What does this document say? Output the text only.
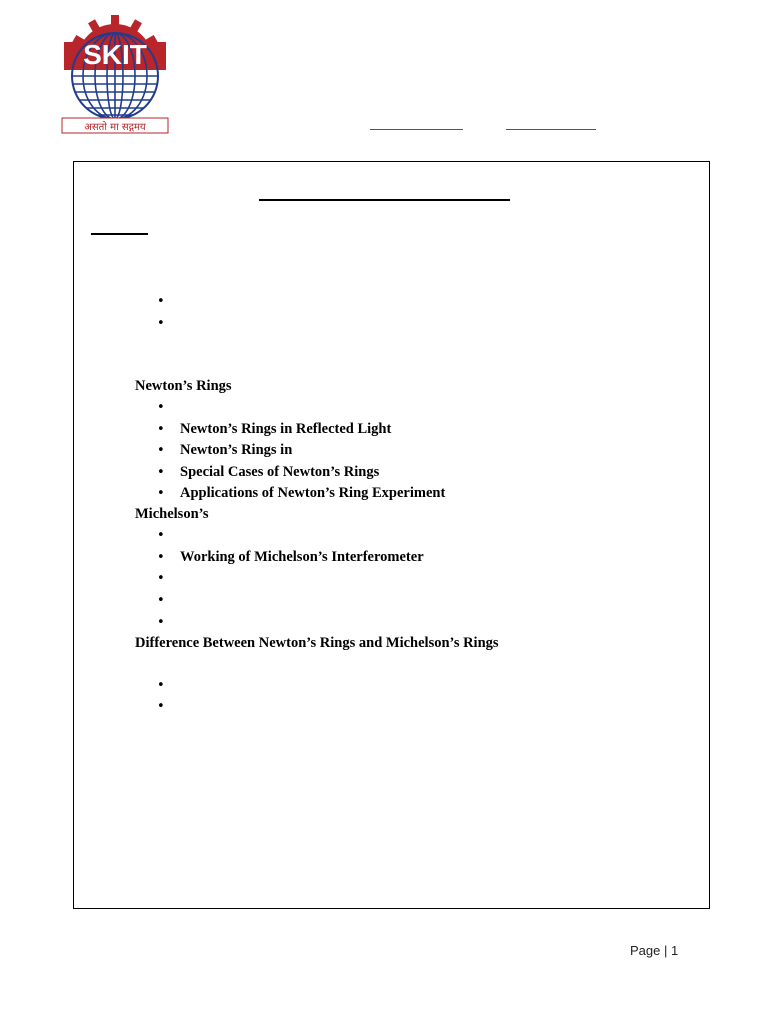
SKIT
असतो मा सद्गमय
•
•
Newton’s Rings
•
• Newton’s Rings in Reflected Light
• Newton’s Rings in
• Special Cases of Newton’s Rings
• Applications of Newton’s Ring Experiment
Michelson’s
•
• Working of Michelson’s Interferometer
•
•
•
Difference Between Newton’s Rings and Michelson’s Rings
•
•
Page | 1
